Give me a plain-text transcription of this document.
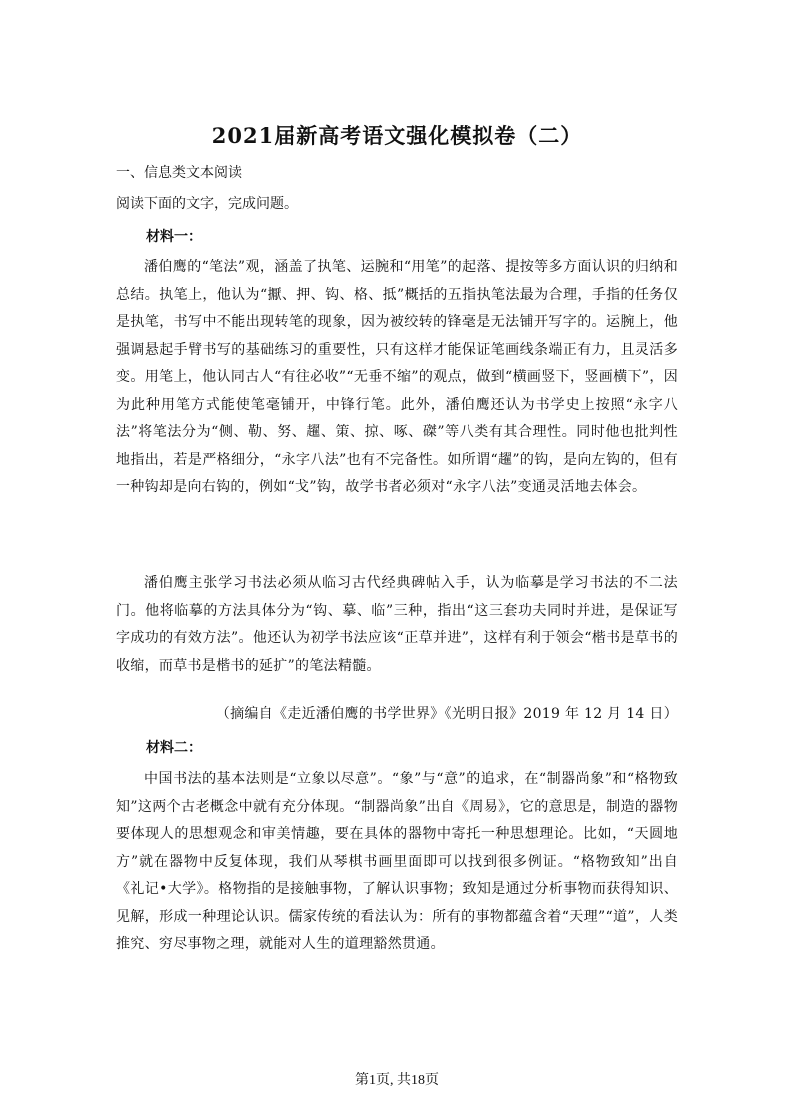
2021届新高考语文强化模拟卷（二）
一、信息类文本阅读
阅读下面的文字，完成问题。
材料一：

潘伯鹰的“笔法”观，涵盖了执笔、运腕和“用笔”的起落、提按等多方面认识的归纳和总结。执笔上，他认为“擫、押、钩、格、抵”概括的五指执笔法最为合理，手指的任务仅是执笔，书写中不能出现转笔的现象，因为被绞转的锋毫是无法铺开写字的。运腕上，他强调悬起手臂书写的基础练习的重要性，只有这样才能保证笔画线条端正有力，且灵活多变。用笔上，他认同古人“有往必收”“无垂不缩”的观点，做到“横画竖下，竖画横下”，因为此种用笔方式能使笔毫铺开，中锋行笔。此外，潘伯鹰还认为书学史上按照“永字八法”将笔法分为“侧、勒、努、趯、策、掠、啄、磔”等八类有其合理性。同时他也批判性地指出，若是严格细分，“永字八法”也有不完备性。如所谓“趯”的钩，是向左钩的，但有一种钩却是向右钩的，例如“戈”钩，故学书者必须对“永字八法”变通灵活地去体会。

潘伯鹰主张学习书法必须从临习古代经典碑帖入手，认为临摹是学习书法的不二法门。他将临摹的方法具体分为“钩、摹、临”三种，指出“这三套功夫同时并进，是保证写字成功的有效方法”。他还认为初学书法应该“正草并进”，这样有利于领会“楷书是草书的收缩，而草书是楷书的延扩”的笔法精髓。

（摘编自《走近潘伯鹰的书学世界》《光明日报》2019 年 12 月 14 日）
材料二：

中国书法的基本法则是“立象以尽意”。“象”与“意”的追求，在“制器尚象”和“格物致知”这两个古老概念中就有充分体现。“制器尚象”出自《周易》，它的意思是，制造的器物要体现人的思想观念和审美情趣，要在具体的器物中寄托一种思想理论。比如，“天圆地方”就在器物中反复体现，我们从琴棋书画里面即可以找到很多例证。“格物致知”出自《礼记•大学》。格物指的是接触事物，了解认识事物；致知是通过分析事物而获得知识、见解，形成一种理论认识。儒家传统的看法认为：所有的事物都蕴含着“天理”“道”，人类推究、穷尽事物之理，就能对人生的道理豁然贯通。

第1页, 共18页
